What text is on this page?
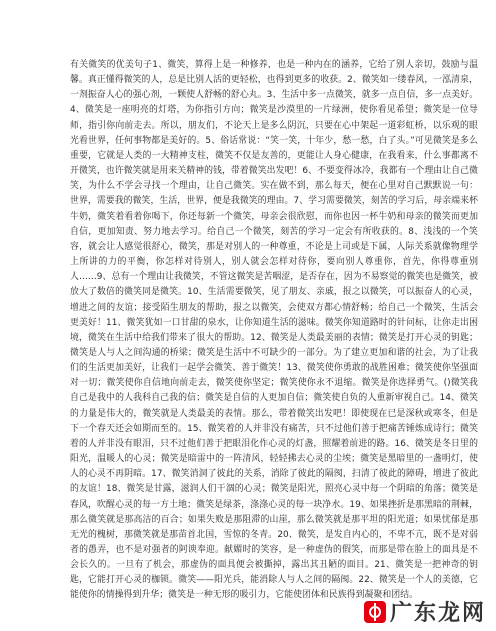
有关微笑的优美句子

1、微笑，算得上是一种修养，也是一种内在的涵养，它给了别人亲切，鼓励与温馨。真正懂得微笑的人，总是比别人活的更轻松，也得到更多的收获。2、微笑如一缕春风，一泓清泉，一剂振奋人心的强心剂，一颗使人舒畅的舒心丸。3、生活中多一点微笑，就多一点自信，多一点美好。4、微笑是一座明亮的灯塔，为你指引方向；微笑是沙漠里的一片绿洲，使你看见希望；微笑是一位导师，指引你向前走去。所以，朋友们，不论天上是多么阴沉，只要在心中架起一道彩虹桥，以乐观的眼光看世界，任何事物都是美好的。5、俗话常说：“笑一笑，十年少，愁一愁，白了头。”可见微笑是多么重要，它就是人类的一大精神支柱，微笑不仅是友善的，更能让人身心健康，在我看来，什么事都离不开微笑，也许微笑就是用来关精神的钱，带着微笑出发吧！6、不要变得冰冷，我都有一个理由让自己微笑，为什么不学会寻找一个理由，让自己微笑。实在做不到，那么每天，便在心里对自己默默说一句：世界，需要我的微笑，生活，世界，便是我微笑的理由。7、学习需要微笑，刻苦的学习后，母亲端来杯牛奶，微笑着看着你喝下，你还每新一个微笑，母亲会很欣慰，而你也因一杯牛奶和母亲的微笑而更加自信，更加知责、努力地去学习。给自己一个微笑，刻苦的学习一定会有所收获的。8、浅浅的一个笑容，就会让人感觉很舒心，微笑，那是对别人的一种尊重，不论是上司或是下属，人际关系就像物理学上所讲的力的平衡，你怎样对待别人，别人就会怎样对待你，要向别人尊重你，首先，你得尊重别人……9、总有一个理由让我微笑，不管这微笑是苦咽涩，是否存在，因为不易察觉的微笑也是微笑，被放大了数倍的微笑同是微笑。10、生活需要微笑，见了朋友、亲戚，报之以微笑，可以振奋人的心灵，增进之间的友谊；接受陌生朋友的帮助，报之以微笑，会使双方都心情舒畅；给自己一个微笑，生活会更美好！11、微笑犹如一口甘甜的泉水，让你知道生活的滋味。微笑你知道路时的针问标，让你走出困境，微笑在生活中给我们带来了很大的帮助。12、微笑是人类最美丽的表情；微笑是打开心灵的钥匙；微笑是人与人之间沟通的桥梁；微笑是生活中不可缺少的一部分。为了建立更加和谐的社会，为了让我们的生活更加美好，让我们一起学会微笑、善于微笑！13、微笑使你勇敢的战胜困难；微笑使你坚强面对一切；微笑使你自信地向前走去，微笑使你坚定；微笑使你永不退缩。微笑是你选择勇气。()微笑我自己是我中的人我科自己我的信；微笑是自信的人更加自信；微笑使自负的人重新审视自己。14、微笑的力量是伟大的，微笑就是人类最美的表情。那么，带着微笑出发吧！即使现在已是深秋或寒冬，但是下一个春天还会如期而至的。15、微笑着的人并非没有痛苦，只不过他们善于把痛苦锤炼成诗行；微笑着的人并非没有眼泪，只不过他们善于把眼泪化作心灵的灯盏，照耀着前进的路。16、微笑是冬日里的阳光，温暖人的心灵；微笑是暗雷中的一阵清风，轻轻拂去心灵的尘埃；微笑是黑暗里的一盏明灯，使人的心灵不再阴暗。17、微笑消洞了彼此的关系，消除了彼此的隔阂，扫清了彼此的障碍，增进了彼此的友谊！18、微笑是甘露，滋润人们干涸的心灵；微笑是阳光，照亮心灵中每一个阴暗的角落；微笑是春风，吹醒心灵的每一方土地；微笑是绿茶，涤涤心灵的每一块净水。19、如果挫折是那黑暗的荆棘，那么微笑就是那高洁的百合；如果失败是那阻滞的山崖，那么微笑就是那平坦的阳光道；如果忧郁是那无光的槐树，那微笑就是那苗首北国，雪惊的冬青。20、微笑，是发自内心的，不卑不亢，既不是对弱者的愚弄，也不是对强者的阿谀奉迎。献媚时的笑容，是一种虚伪的假笑，而那是带在脸上的面具是不会长久的。一旦有了机会，那虚伪的面具便会被撕掉，露出其丑陋的面目。21、微笑是一把神奇的钥匙，它能打开心灵的枷锁。微笑——阳光兵，能消除人与人之间的隔阂。22、微笑是一个人的美德，它能使你的情操得到升华；微笑是一种无形的吸引力，它能使团体和民族得到凝聚和团结。

广东龙网
